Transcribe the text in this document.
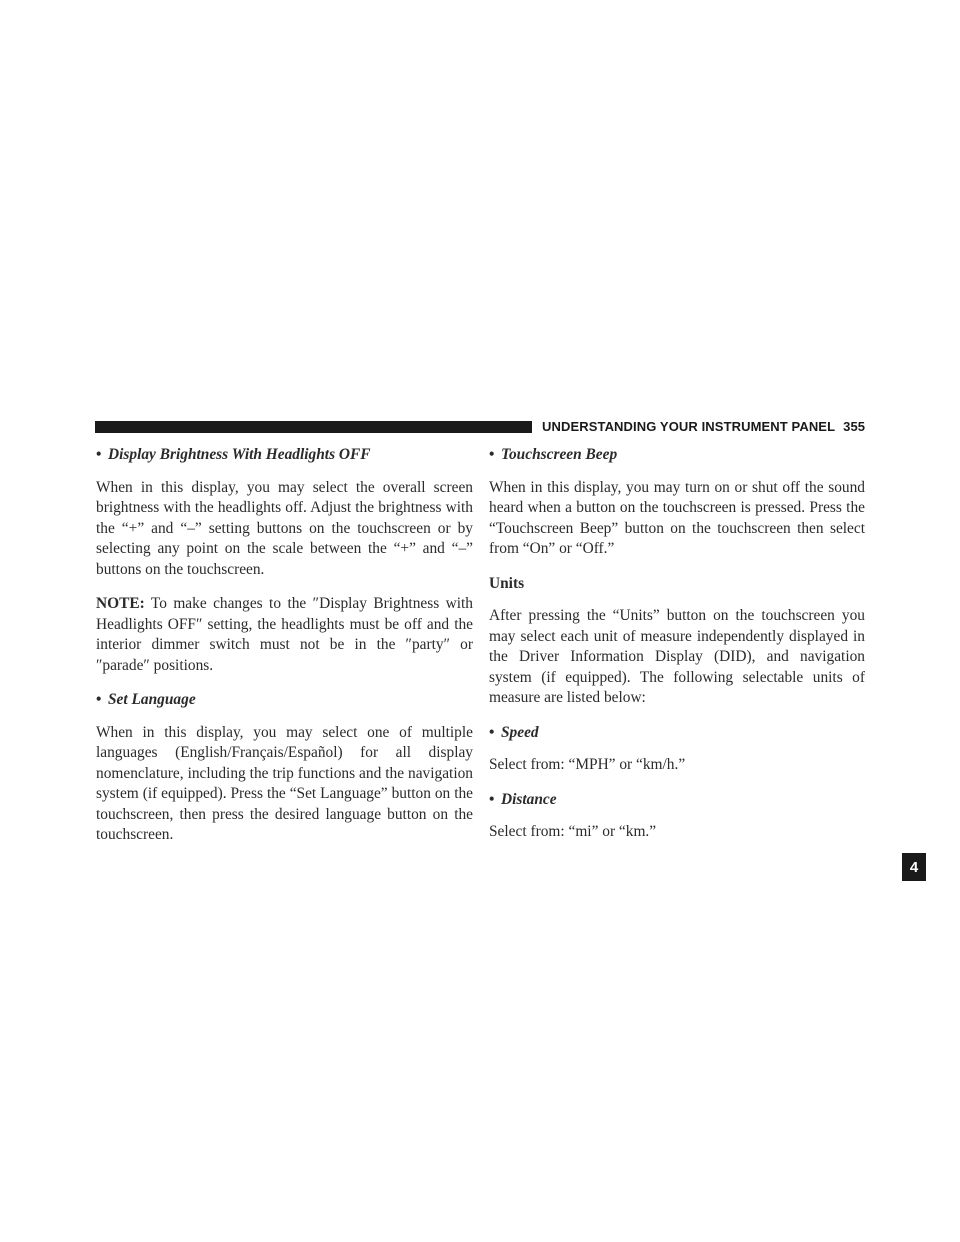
UNDERSTANDING YOUR INSTRUMENT PANEL 355
4
• Display Brightness With Headlights OFF

When in this display, you may select the overall screen brightness with the headlights off. Adjust the brightness with the “+” and “–” setting buttons on the touchscreen or by selecting any point on the scale between the “+” and “–” buttons on the touchscreen.

NOTE: To make changes to the ″Display Brightness with Headlights OFF″ setting, the headlights must be off and the interior dimmer switch must not be in the ″party″ or ″parade″ positions.

• Set Language

When in this display, you may select one of multiple languages (English/Français/Español) for all display nomenclature, including the trip functions and the navigation system (if equipped). Press the “Set Language” button on the touchscreen, then press the desired language button on the touchscreen.

• Touchscreen Beep

When in this display, you may turn on or shut off the sound heard when a button on the touchscreen is pressed. Press the “Touchscreen Beep” button on the touchscreen then select from “On” or “Off.”

Units

After pressing the “Units” button on the touchscreen you may select each unit of measure independently displayed in the Driver Information Display (DID), and navigation system (if equipped). The following selectable units of measure are listed below:

• Speed

Select from: “MPH” or “km/h.”

• Distance

Select from: “mi” or “km.”
